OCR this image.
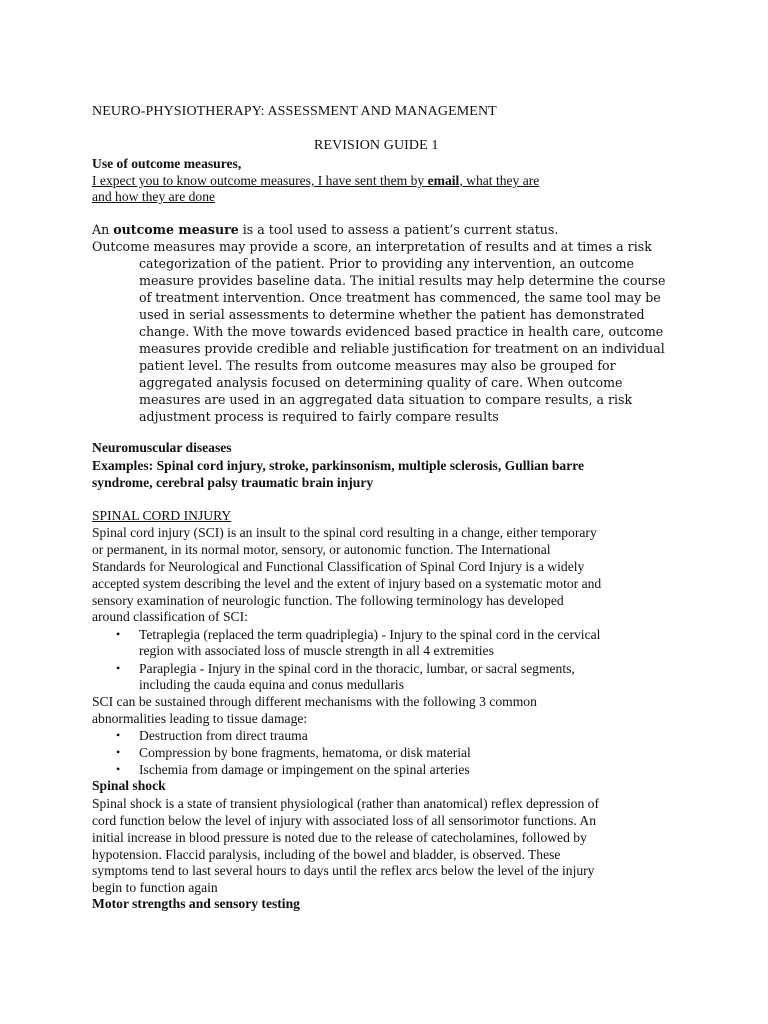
NEURO-PHYSIOTHERAPY: ASSESSMENT AND MANAGEMENT
REVISION GUIDE 1
Use of outcome measures,
I expect you to know outcome measures, I have sent them by email, what they are
and how they are done
An outcome measure is a tool used to assess a patient’s current status.
Outcome measures may provide a score, an interpretation of results and at times a risk
categorization of the patient. Prior to providing any intervention, an outcome
measure provides baseline data. The initial results may help determine the course
of treatment intervention. Once treatment has commenced, the same tool may be
used in serial assessments to determine whether the patient has demonstrated
change. With the move towards evidenced based practice in health care, outcome
measures provide credible and reliable justification for treatment on an individual
patient level. The results from outcome measures may also be grouped for
aggregated analysis focused on determining quality of care. When outcome
measures are used in an aggregated data situation to compare results, a risk
adjustment process is required to fairly compare results
Neuromuscular diseases
Examples: Spinal cord injury, stroke, parkinsonism, multiple sclerosis, Gullian barre
syndrome, cerebral palsy traumatic brain injury
SPINAL CORD INJURY
Spinal cord injury (SCI) is an insult to the spinal cord resulting in a change, either temporary
or permanent, in its normal motor, sensory, or autonomic function. The International
Standards for Neurological and Functional Classification of Spinal Cord Injury is a widely
accepted system describing the level and the extent of injury based on a systematic motor and
sensory examination of neurologic function. The following terminology has developed
around classification of SCI:
• Tetraplegia (replaced the term quadriplegia) - Injury to the spinal cord in the cervical
region with associated loss of muscle strength in all 4 extremities
• Paraplegia - Injury in the spinal cord in the thoracic, lumbar, or sacral segments,
including the cauda equina and conus medullaris
SCI can be sustained through different mechanisms with the following 3 common
abnormalities leading to tissue damage:
• Destruction from direct trauma
• Compression by bone fragments, hematoma, or disk material
• Ischemia from damage or impingement on the spinal arteries
Spinal shock
Spinal shock is a state of transient physiological (rather than anatomical) reflex depression of
cord function below the level of injury with associated loss of all sensorimotor functions. An
initial increase in blood pressure is noted due to the release of catecholamines, followed by
hypotension. Flaccid paralysis, including of the bowel and bladder, is observed. These
symptoms tend to last several hours to days until the reflex arcs below the level of the injury
begin to function again
Motor strengths and sensory testing
